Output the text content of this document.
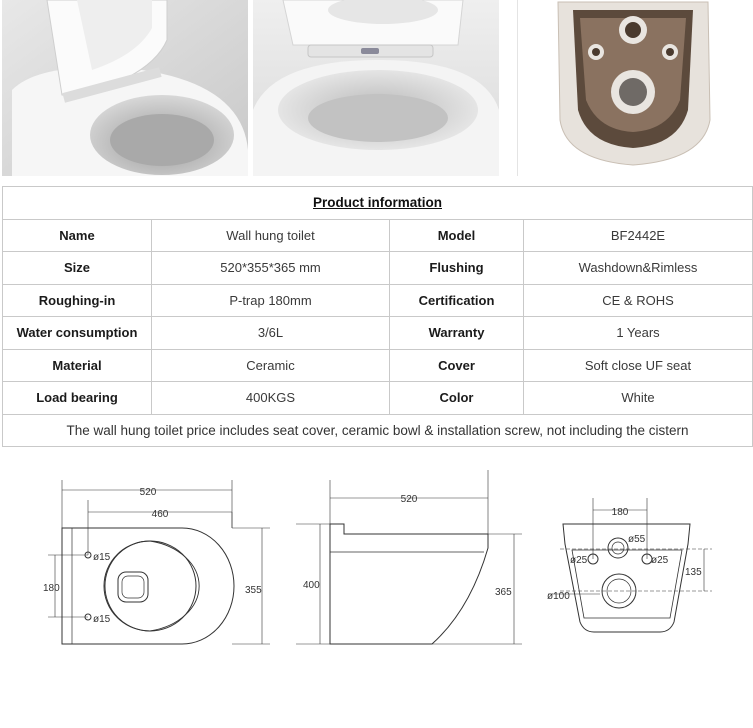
Product information			
Name	Wall hung toilet	Model	BF2442E
Size	520*355*365 mm	Flushing	Washdown&Rimless
Roughing-in	P-trap 180mm	Certification	CE & ROHS
Water consumption	3/6L	Warranty	1 Years
Material	Ceramic	Cover	Soft close UF seat
Load bearing	400KGS	Color	White
The wall hung toilet price includes seat cover, ceramic bowl & installation screw, not including the cistern			
520
460
180	355
ø15
ø15
520
400
365
180
ø55
ø25	ø25
135
ø100
